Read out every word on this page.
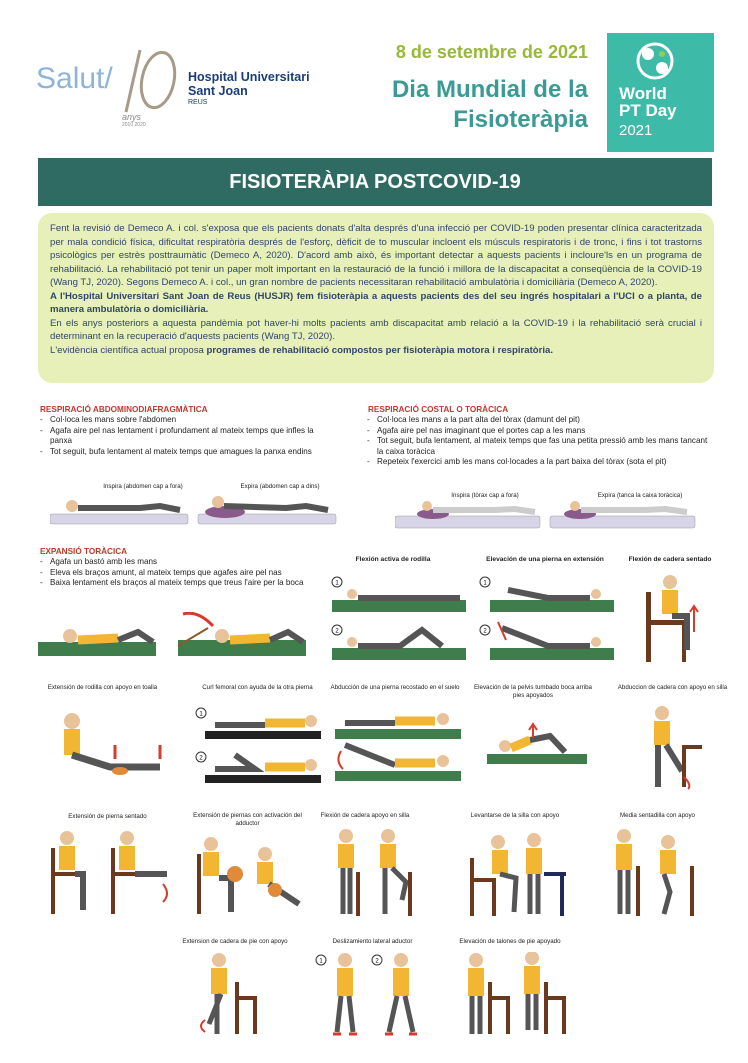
Salut/	Hospital Universitari
Sant Joan
REUS
anys
2010 2020
8 de setembre de 2021
Dia Mundial de la
Fisioteràpia
World
PT Day
2021
FISIOTERÀPIA POSTCOVID-19

Fent la revisió de Demeco A. i col. s'exposa que els pacients donats d'alta després d'una infecció per COVID-19 poden presentar clínica caracteritzada per mala condició física, dificultat respiratòria després de l'esforç, dèficit de to muscular incloent els músculs respiratoris i de tronc, i fins i tot trastorns psicològics per estrès posttraumàtic (Demeco A, 2020). D'acord amb això, és important detectar a aquests pacients i incloure'ls en un programa de rehabilitació. La rehabilitació pot tenir un paper molt important en la restauració de la funció i millora de la discapacitat a conseqüència de la COVID-19 (Wang TJ, 2020). Segons Demeco A. i col., un gran nombre de pacients necessitaran rehabilitació ambulatòria i domiciliària (Demeco A, 2020).

A l'Hospital Universitari Sant Joan de Reus (HUSJR) fem fisioteràpia a aquests pacients des del seu ingrés hospitalari a l'UCI o a planta, de manera ambulatòria o domiciliària.

En els anys posteriors a aquesta pandèmia pot haver-hi molts pacients amb discapacitat amb relació a la COVID-19 i la rehabilitació serà crucial i determinant en la recuperació d'aquests pacients (Wang TJ, 2020).

L'evidència científica actual proposa programes de rehabilitació compostos per fisioteràpia motora i respiratòria.

RESPIRACIÓ ABDOMINODIAFRAGMÀTICA
- Col·loca les mans sobre l'abdomen
- Agafa aire pel nas lentament i profundament al mateix temps que infles la panxa
- Tot seguit, bufa lentament al mateix temps que amagues la panxa endins
Inspira (abdomen cap a fora)	Expira (abdomen cap a dins)
RESPIRACIÓ COSTAL O TORÀCICA
- Col·loca les mans a la part alta del tòrax (damunt del pit)
- Agafa aire pel nas imaginant que el portes cap a les mans
- Tot seguit, bufa lentament, al mateix temps que fas una petita pressió amb les mans tancant la caixa toràcica
- Repeteix l'exercici amb les mans col·locades a la part baixa del tòrax (sota el pit)
Inspira (tòrax cap a fora)	Expira (tanca la caixa toràcica)
EXPANSIÓ TORÀCICA
- Agafa un bastó amb les mans
- Eleva els braços amunt, al mateix temps que agafes aire pel nas
- Baixa lentament els braços al mateix temps que treus l'aire per la boca
Flexión activa de rodilla	Elevación de una pierna en extensión	Flexión de cadera sentado
1
2
1
2
Extensión de rodilla con apoyo en toalla	Curl femoral con ayuda de la otra pierna	Abducción de una pierna recostado en el suelo	Elevación de la pelvis tumbado boca arriba pies apoyados
Abduccion de cadera con apoyo en silla
1
2
Extensión de pierna sentado	Extensión de piernas con activación del adductor
Flexión de cadera apoyo en silla	Levantarse de la silla con apoyo	Media sentadilla con apoyo
Extension de cadera de pie con apoyo	Deslizamiento lateral aductor	Elevación de talones de pie apoyado
1	2
